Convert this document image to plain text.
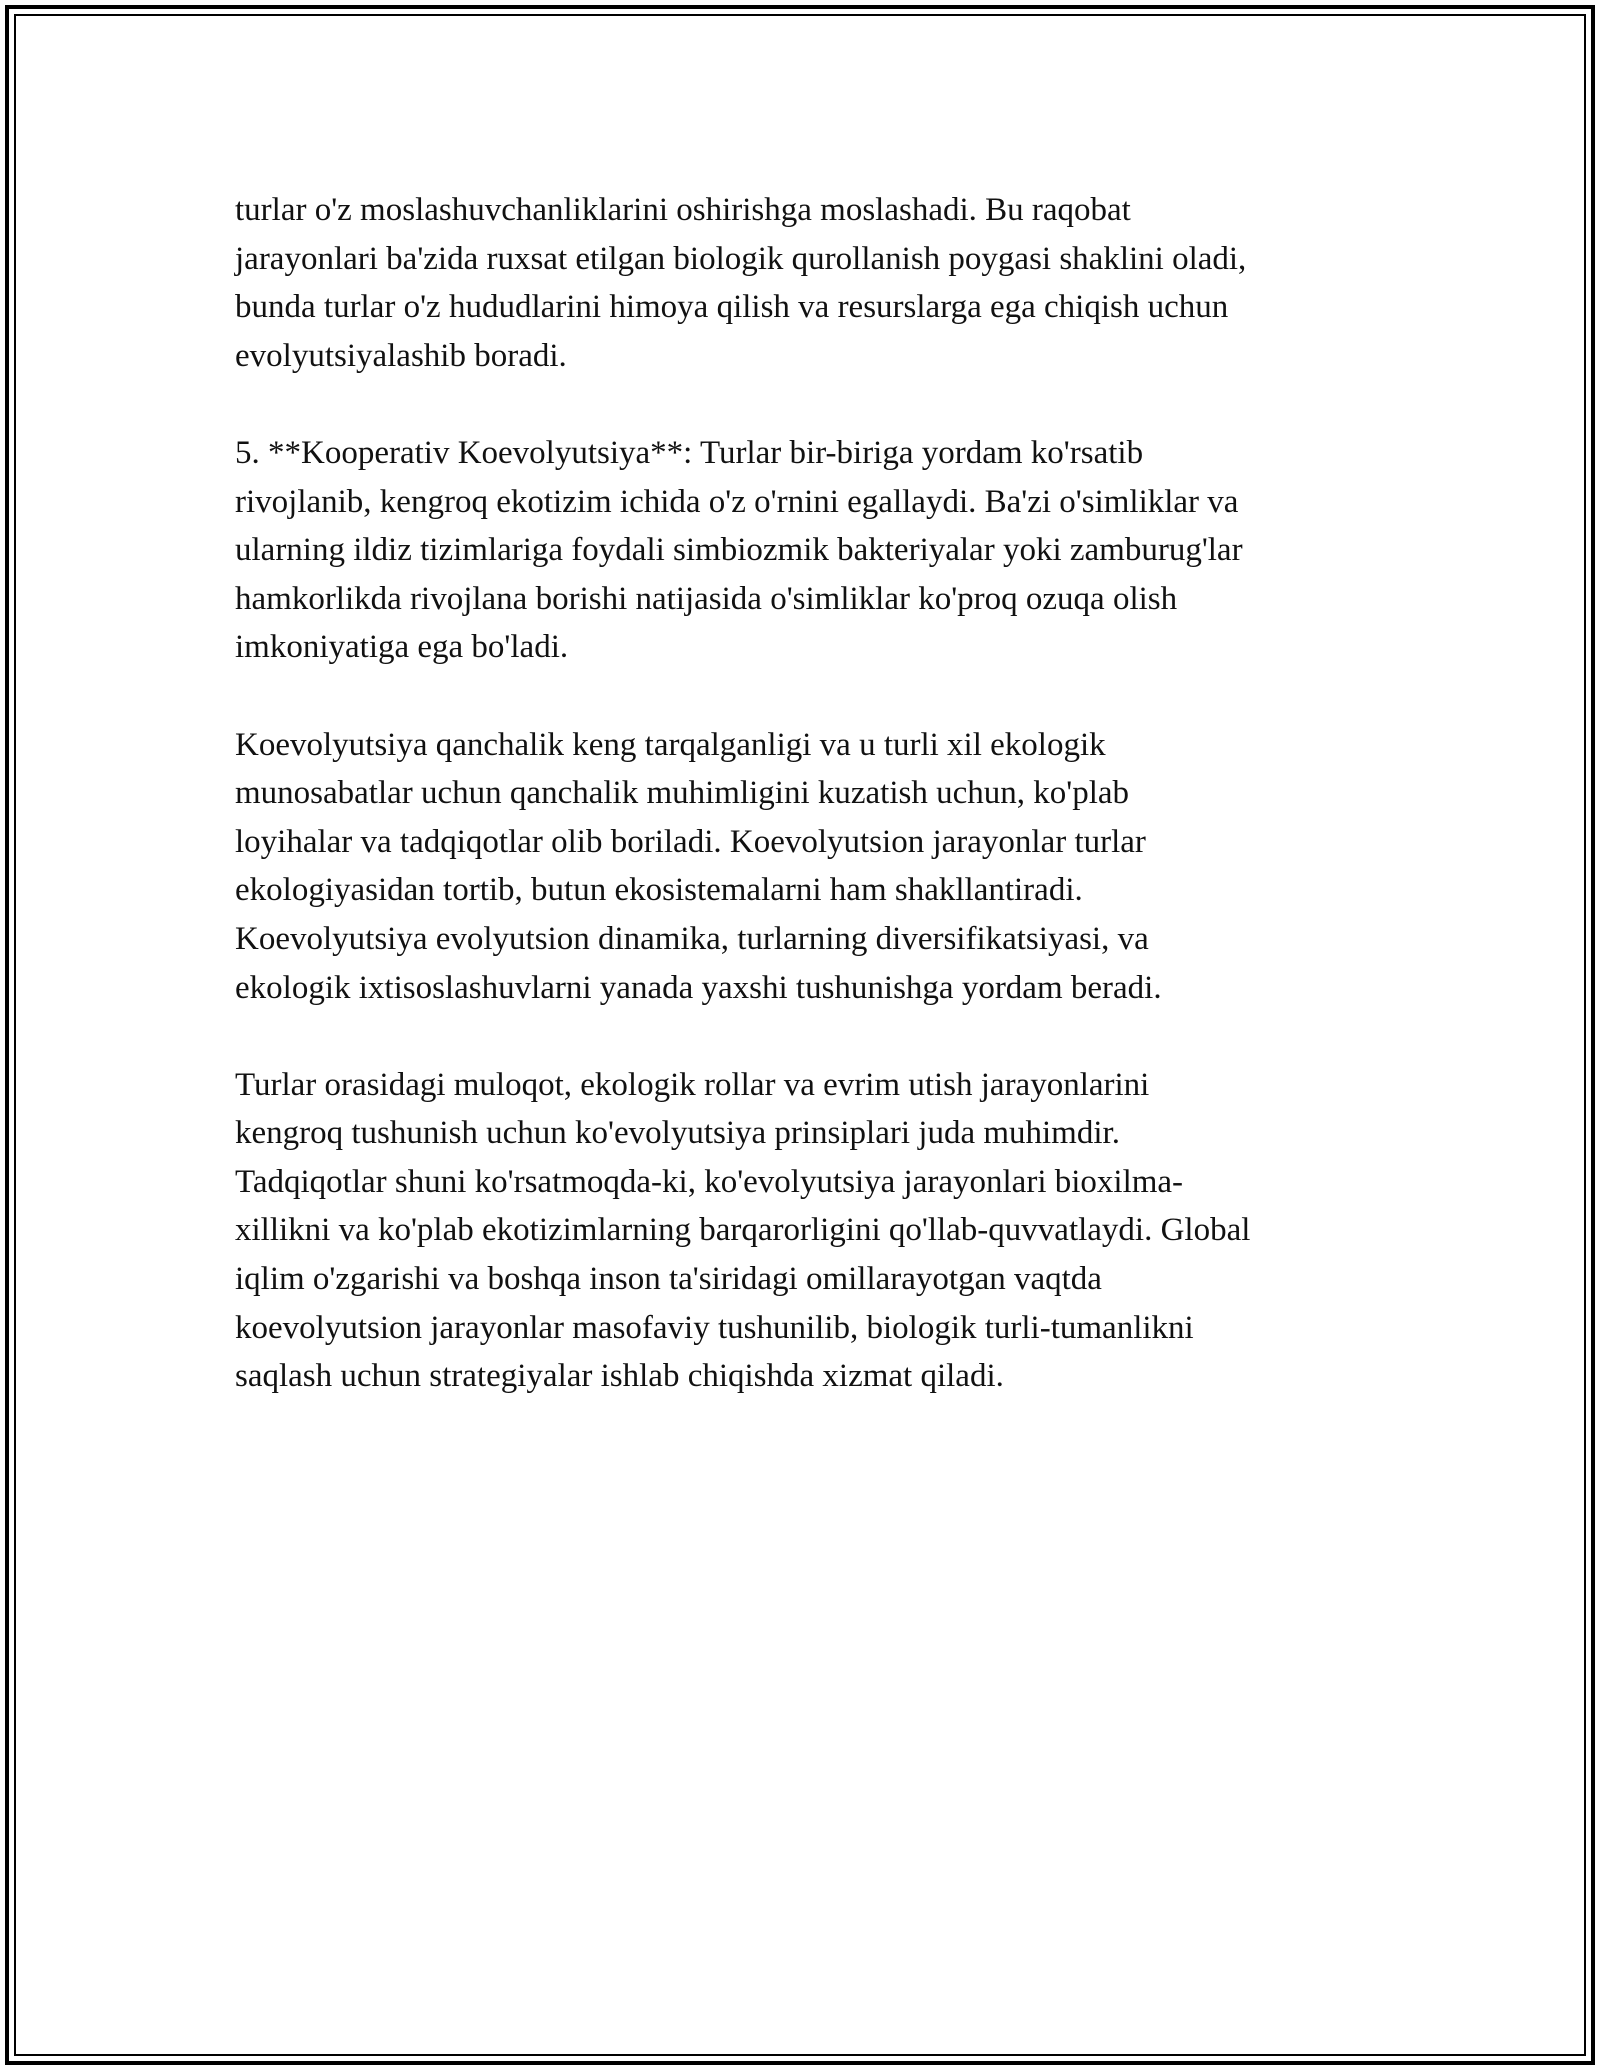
turlar o'z moslashuvchanliklarini oshirishga moslashadi. Bu raqobat
jarayonlari ba'zida ruxsat etilgan biologik qurollanish poygasi shaklini oladi,
bunda turlar o'z hududlarini himoya qilish va resurslarga ega chiqish uchun
evolyutsiyalashib boradi.

5. **Kooperativ Koevolyutsiya**: Turlar bir-biriga yordam ko'rsatib
rivojlanib, kengroq ekotizim ichida o'z o'rnini egallaydi. Ba'zi o'simliklar va
ularning ildiz tizimlariga foydali simbiozmik bakteriyalar yoki zamburug'lar
hamkorlikda rivojlana borishi natijasida o'simliklar ko'proq ozuqa olish
imkoniyatiga ega bo'ladi.

Koevolyutsiya qanchalik keng tarqalganligi va u turli xil ekologik
munosabatlar uchun qanchalik muhimligini kuzatish uchun, ko'plab
loyihalar va tadqiqotlar olib boriladi. Koevolyutsion jarayonlar turlar
ekologiyasidan tortib, butun ekosistemalarni ham shakllantiradi.
Koevolyutsiya evolyutsion dinamika, turlarning diversifikatsiyasi, va
ekologik ixtisoslashuvlarni yanada yaxshi tushunishga yordam beradi.

Turlar orasidagi muloqot, ekologik rollar va evrim utish jarayonlarini
kengroq tushunish uchun ko'evolyutsiya prinsiplari juda muhimdir.
Tadqiqotlar shuni ko'rsatmoqda-ki, ko'evolyutsiya jarayonlari bioxilma-
xillikni va ko'plab ekotizimlarning barqarorligini qo'llab-quvvatlaydi. Global
iqlim o'zgarishi va boshqa inson ta'siridagi omillarayotgan vaqtda
koevolyutsion jarayonlar masofaviy tushunilib, biologik turli-tumanlikni
saqlash uchun strategiyalar ishlab chiqishda xizmat qiladi.
